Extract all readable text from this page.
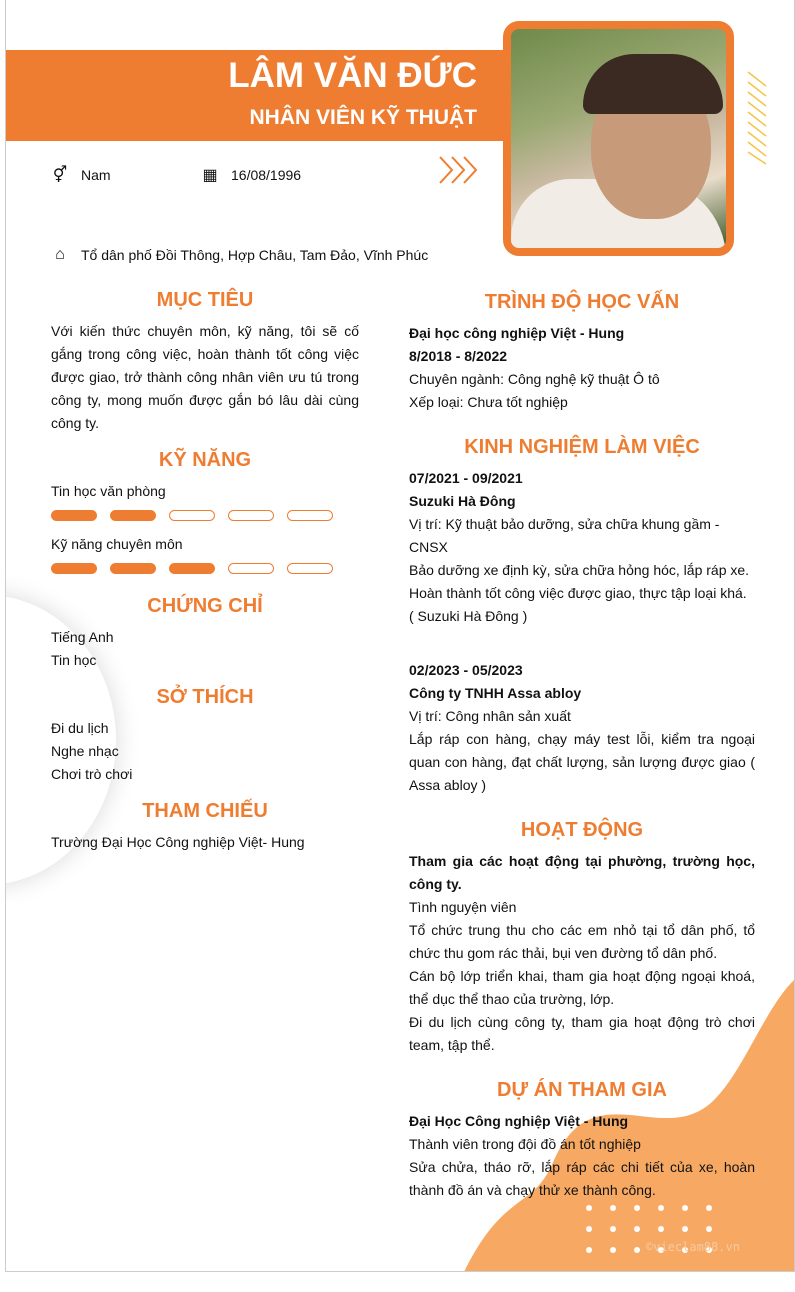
©vieclam88.vn
LÂM VĂN ĐỨC
NHÂN VIÊN KỸ THUẬT
⚥ Nam	▦ 16/08/1996
⌂ Tổ dân phố Đồi Thông, Hợp Châu, Tam Đảo, Vĩnh Phúc
MỤC TIÊU
Với kiến thức chuyên môn, kỹ năng, tôi sẽ cố gắng trong công việc, hoàn thành tốt công việc được giao, trở thành công nhân viên ưu tú trong công ty, mong muốn được gắn bó lâu dài cùng công ty.
KỸ NĂNG
Tin học văn phòng
Kỹ năng chuyên môn
CHỨNG CHỈ
Tiếng Anh
Tin học
SỞ THÍCH
Đi du lịch
Nghe nhạc
Chơi trò chơi
THAM CHIẾU
Trường Đại Học Công nghiệp Việt- Hung
TRÌNH ĐỘ HỌC VẤN
Đại học công nghiệp Việt - Hung
8/2018 - 8/2022
Chuyên ngành: Công nghệ kỹ thuật Ô tô
Xếp loại: Chưa tốt nghiệp
KINH NGHIỆM LÀM VIỆC
07/2021 - 09/2021
Suzuki Hà Đông
Vị trí: Kỹ thuật bảo dưỡng, sửa chữa khung gầm - CNSX
Bảo dưỡng xe định kỳ, sửa chữa hỏng hóc, lắp ráp xe.
Hoàn thành tốt công việc được giao, thực tập loại khá. ( Suzuki Hà Đông )
02/2023 - 05/2023
Công ty TNHH Assa abloy
Vị trí: Công nhân sản xuất
Lắp ráp con hàng, chạy máy test lỗi, kiểm tra ngoại quan con hàng, đạt chất lượng, sản lượng được giao ( Assa abloy )
HOẠT ĐỘNG
Tham gia các hoạt động tại phường, trường học, công ty.
Tình nguyện viên
Tổ chức trung thu cho các em nhỏ tại tổ dân phố, tổ chức thu gom rác thải, bụi ven đường tổ dân phố.
Cán bộ lớp triển khai, tham gia hoạt động ngoại khoá, thể dục thể thao của trường, lớp.
Đi du lịch cùng công ty, tham gia hoạt động trò chơi team, tập thể.
DỰ ÁN THAM GIA
Đại Học Công nghiệp Việt - Hung
Thành viên trong đội đồ án tốt nghiệp
Sửa chửa, tháo rỡ, lắp ráp các chi tiết của xe, hoàn thành đồ án và chạy thử xe thành công.
